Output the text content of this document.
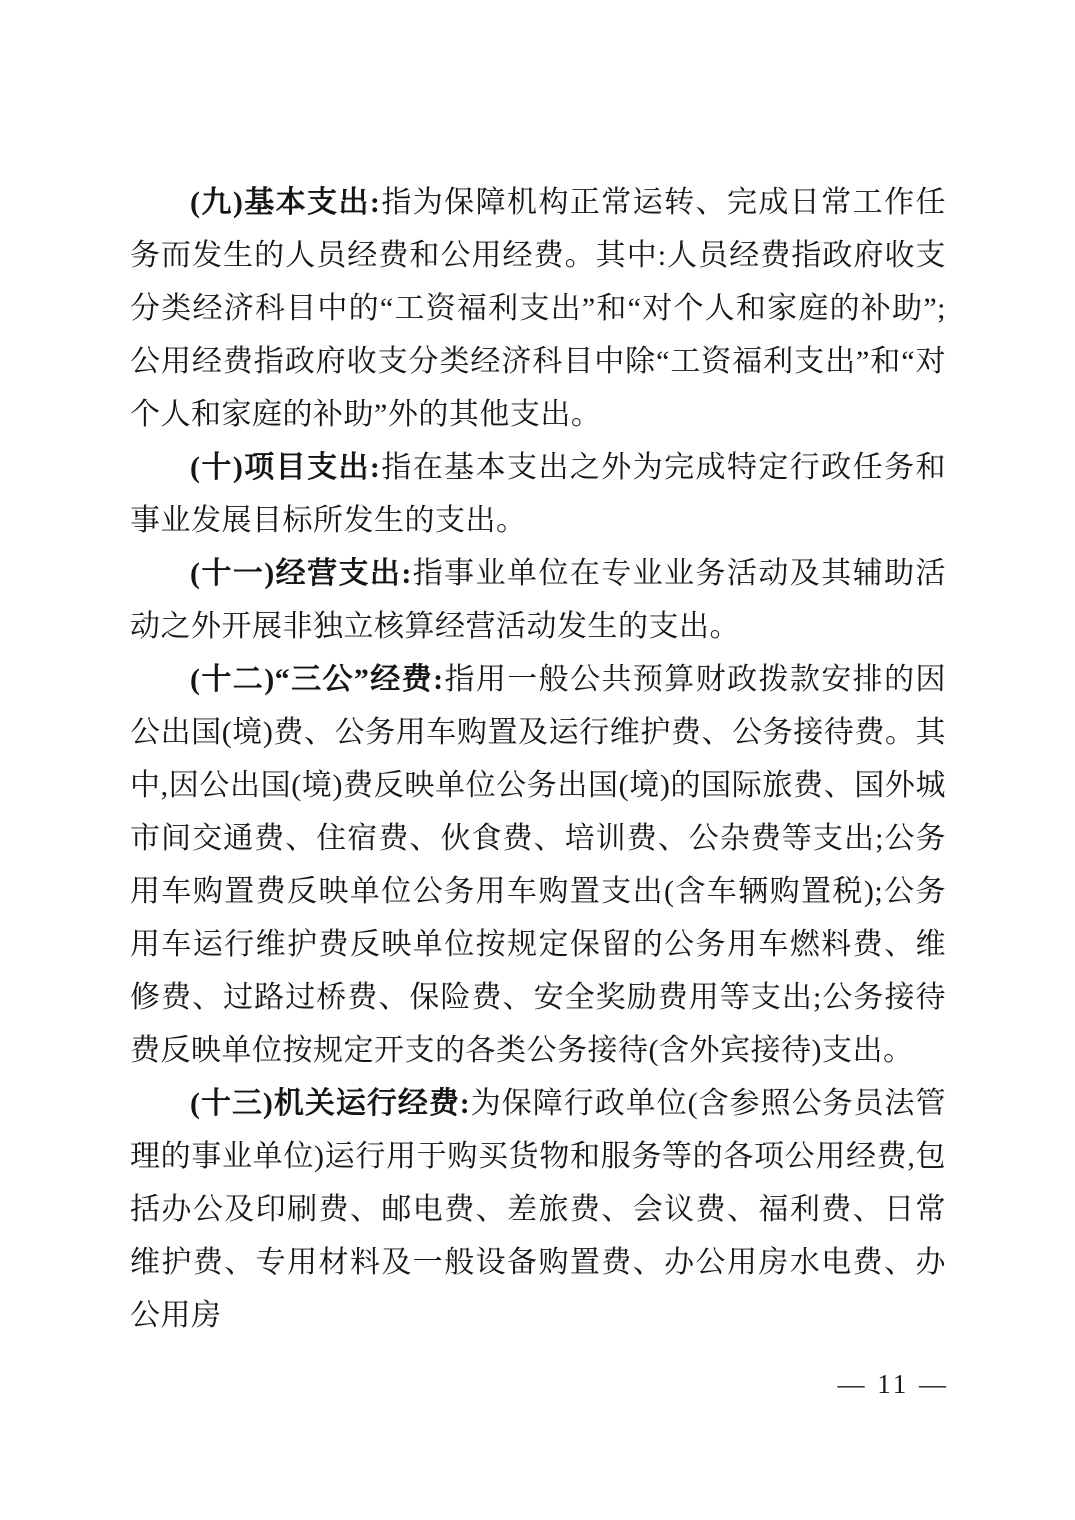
(九)基本支出:指为保障机构正常运转、完成日常工作任务而发生的人员经费和公用经费。其中:人员经费指政府收支分类经济科目中的“工资福利支出”和“对个人和家庭的补助”;公用经费指政府收支分类经济科目中除“工资福利支出”和“对个人和家庭的补助”外的其他支出。

(十)项目支出:指在基本支出之外为完成特定行政任务和事业发展目标所发生的支出。

(十一)经营支出:指事业单位在专业业务活动及其辅助活动之外开展非独立核算经营活动发生的支出。

(十二)“三公”经费:指用一般公共预算财政拨款安排的因公出国(境)费、公务用车购置及运行维护费、公务接待费。其中,因公出国(境)费反映单位公务出国(境)的国际旅费、国外城市间交通费、住宿费、伙食费、培训费、公杂费等支出;公务用车购置费反映单位公务用车购置支出(含车辆购置税);公务用车运行维护费反映单位按规定保留的公务用车燃料费、维修费、过路过桥费、保险费、安全奖励费用等支出;公务接待费反映单位按规定开支的各类公务接待(含外宾接待)支出。

(十三)机关运行经费:为保障行政单位(含参照公务员法管理的事业单位)运行用于购买货物和服务等的各项公用经费,包括办公及印刷费、邮电费、差旅费、会议费、福利费、日常维护费、专用材料及一般设备购置费、办公用房水电费、办公用房

— 11 —
